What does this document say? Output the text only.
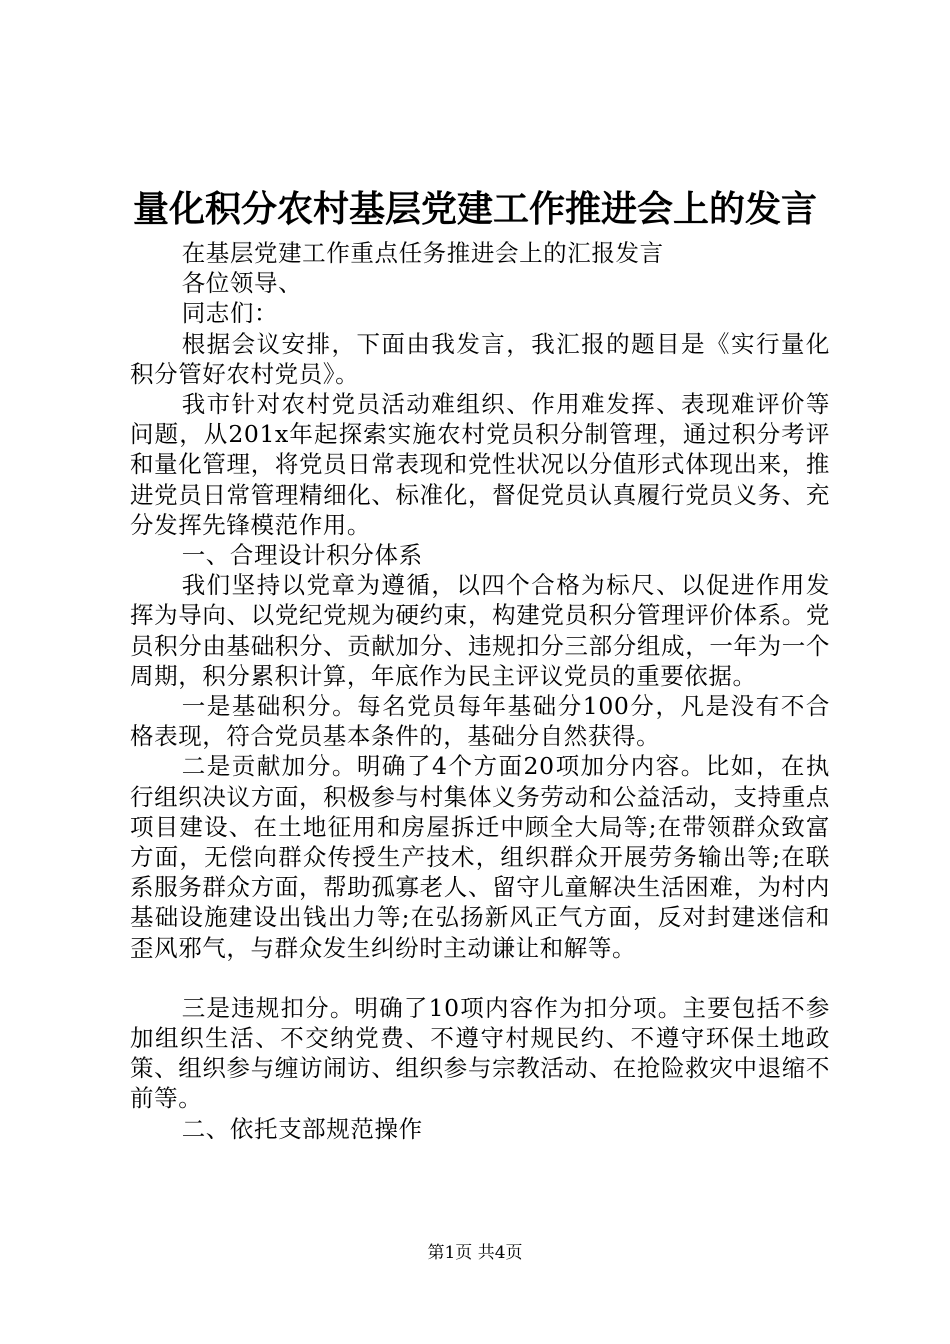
量化积分农村基层党建工作推进会上的发言

在基层党建工作重点任务推进会上的汇报发言

各位领导、

同志们：

根据会议安排，下面由我发言，我汇报的题目是《实行量化积分管好农村党员》。

我市针对农村党员活动难组织、作用难发挥、表现难评价等问题，从201x年起探索实施农村党员积分制管理，通过积分考评和量化管理，将党员日常表现和党性状况以分值形式体现出来，推进党员日常管理精细化、标准化，督促党员认真履行党员义务、充分发挥先锋模范作用。

一、合理设计积分体系

我们坚持以党章为遵循，以四个合格为标尺、以促进作用发挥为导向、以党纪党规为硬约束，构建党员积分管理评价体系。党员积分由基础积分、贡献加分、违规扣分三部分组成，一年为一个周期，积分累积计算，年底作为民主评议党员的重要依据。

一是基础积分。每名党员每年基础分100分，凡是没有不合格表现，符合党员基本条件的，基础分自然获得。

二是贡献加分。明确了4个方面20项加分内容。比如，在执行组织决议方面，积极参与村集体义务劳动和公益活动，支持重点项目建设、在土地征用和房屋拆迁中顾全大局等;在带领群众致富方面，无偿向群众传授生产技术，组织群众开展劳务输出等;在联系服务群众方面，帮助孤寡老人、留守儿童解决生活困难，为村内基础设施建设出钱出力等;在弘扬新风正气方面，反对封建迷信和歪风邪气，与群众发生纠纷时主动谦让和解等。

三是违规扣分。明确了10项内容作为扣分项。主要包括不参加组织生活、不交纳党费、不遵守村规民约、不遵守环保土地政策、组织参与缠访闹访、组织参与宗教活动、在抢险救灾中退缩不前等。

二、依托支部规范操作

第1页 共4页
